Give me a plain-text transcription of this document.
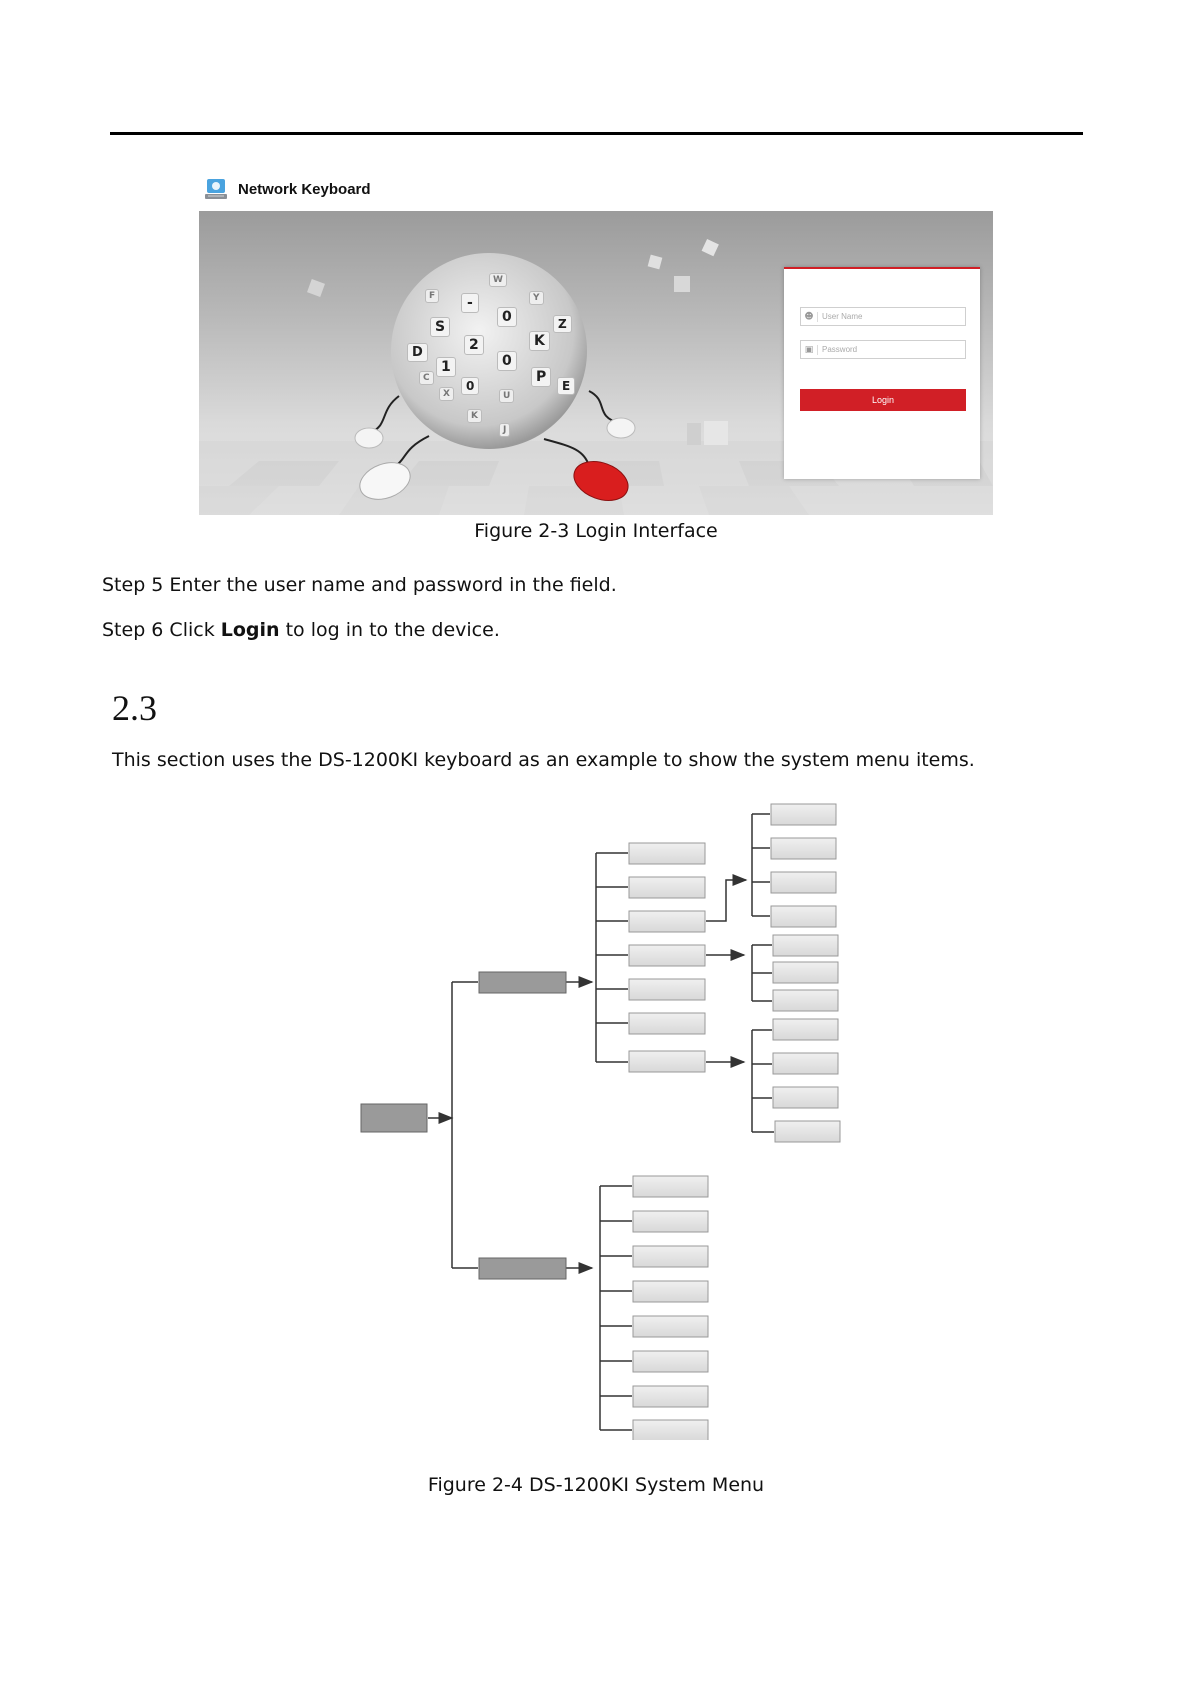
Network Keyboard
S
-
0
2
0
K
1
D
0
P
E
Z
W
Y
F
U
X
C
J
K
☻
User Name
▣
Login
Figure 2-3 Login Interface
Step 5 Enter the user name and password in the field.
Step 6 Click Login to log in to the device.
2.3
This section uses the DS-1200KI keyboard as an example to show the system menu items.
Figure 2-4 DS-1200KI System Menu
